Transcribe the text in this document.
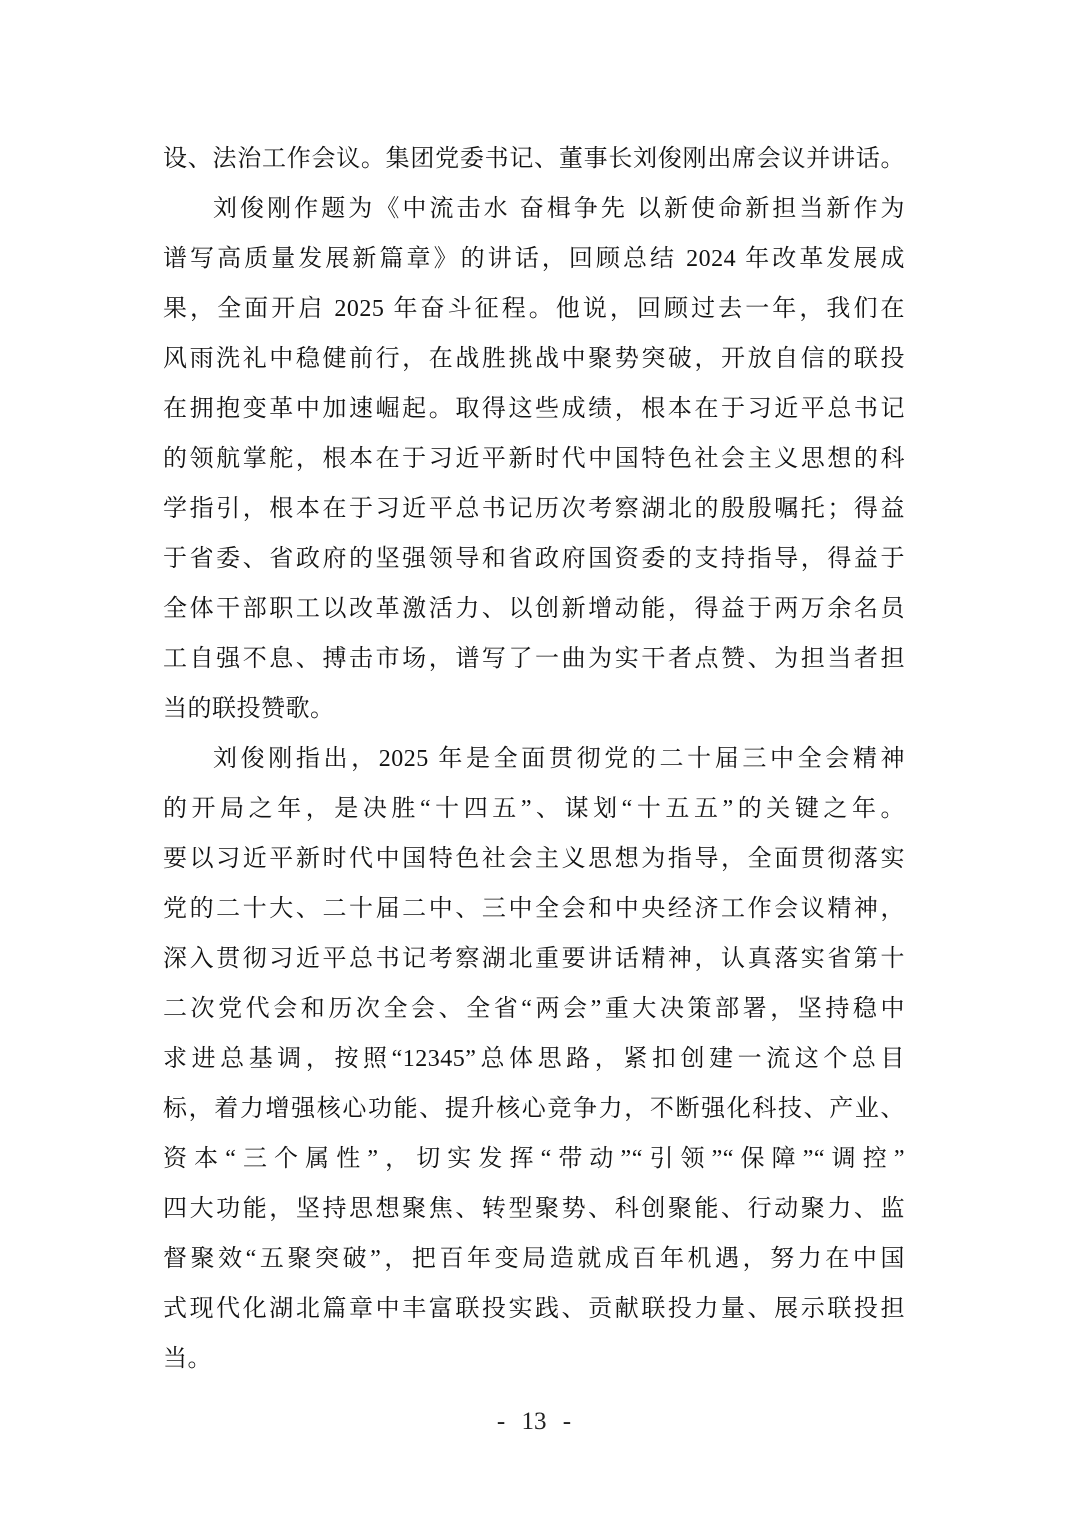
设、法治工作会议。集团党委书记、董事长刘俊刚出席会议并讲话。
刘俊刚作题为《中流击水 奋楫争先 以新使命新担当新作为
谱写高质量发展新篇章》的讲话，回顾总结 2024 年改革发展成
果，全面开启 2025 年奋斗征程。他说，回顾过去一年，我们在
风雨洗礼中稳健前行，在战胜挑战中聚势突破，开放自信的联投
在拥抱变革中加速崛起。取得这些成绩，根本在于习近平总书记
的领航掌舵，根本在于习近平新时代中国特色社会主义思想的科
学指引，根本在于习近平总书记历次考察湖北的殷殷嘱托；得益
于省委、省政府的坚强领导和省政府国资委的支持指导，得益于
全体干部职工以改革激活力、以创新增动能，得益于两万余名员
工自强不息、搏击市场，谱写了一曲为实干者点赞、为担当者担
当的联投赞歌。
刘俊刚指出，2025 年是全面贯彻党的二十届三中全会精神
的开局之年，是决胜“十四五”、谋划“十五五”的关键之年。
要以习近平新时代中国特色社会主义思想为指导，全面贯彻落实
党的二十大、二十届二中、三中全会和中央经济工作会议精神，
深入贯彻习近平总书记考察湖北重要讲话精神，认真落实省第十
二次党代会和历次全会、全省“两会”重大决策部署，坚持稳中
求进总基调，按照“12345”总体思路，紧扣创建一流这个总目
标，着力增强核心功能、提升核心竞争力，不断强化科技、产业、
资本“三个属性”，切实发挥“带动”“引领”“保障”“调控”
四大功能，坚持思想聚焦、转型聚势、科创聚能、行动聚力、监
督聚效“五聚突破”，把百年变局造就成百年机遇，努力在中国
式现代化湖北篇章中丰富联投实践、贡献联投力量、展示联投担
当。
- 13 -
